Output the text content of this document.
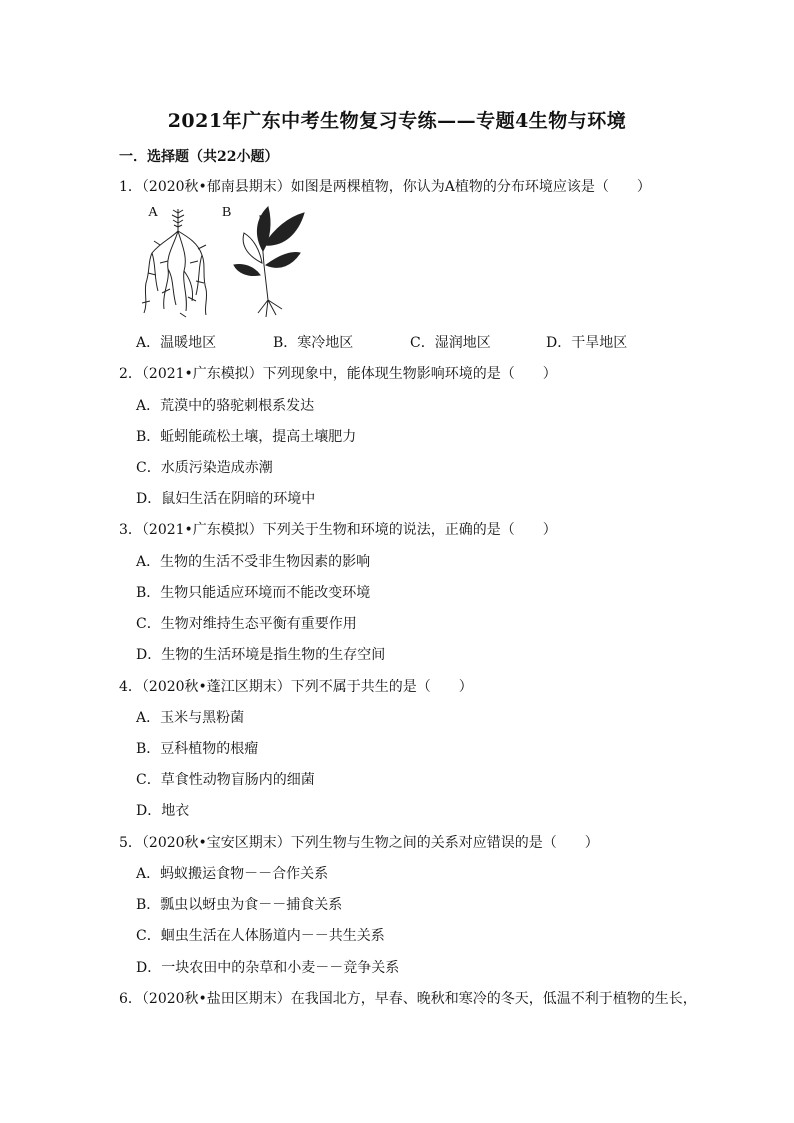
2021年广东中考生物复习专练——专题4生物与环境
一．选择题（共22小题）
1．（2020秋•郁南县期末）如图是两棵植物，你认为A植物的分布环境应该是（　　）
A	B
A．温暖地区	B．寒冷地区	C．湿润地区	D．干旱地区
2．（2021•广东模拟）下列现象中，能体现生物影响环境的是（　　）
A．荒漠中的骆驼刺根系发达
B．蚯蚓能疏松土壤，提高土壤肥力
C．水质污染造成赤潮
D．鼠妇生活在阴暗的环境中
3．（2021•广东模拟）下列关于生物和环境的说法，正确的是（　　）
A．生物的生活不受非生物因素的影响
B．生物只能适应环境而不能改变环境
C．生物对维持生态平衡有重要作用
D．生物的生活环境是指生物的生存空间
4．（2020秋•蓬江区期末）下列不属于共生的是（　　）
A．玉米与黑粉菌
B．豆科植物的根瘤
C．草食性动物盲肠内的细菌
D．地衣
5．（2020秋•宝安区期末）下列生物与生物之间的关系对应错误的是（　　）
A．蚂蚁搬运食物－－合作关系
B．瓢虫以蚜虫为食－－捕食关系
C．蛔虫生活在人体肠道内－－共生关系
D．一块农田中的杂草和小麦－－竞争关系
6．（2020秋•盐田区期末）在我国北方，早春、晚秋和寒冷的冬天，低温不利于植物的生长，
